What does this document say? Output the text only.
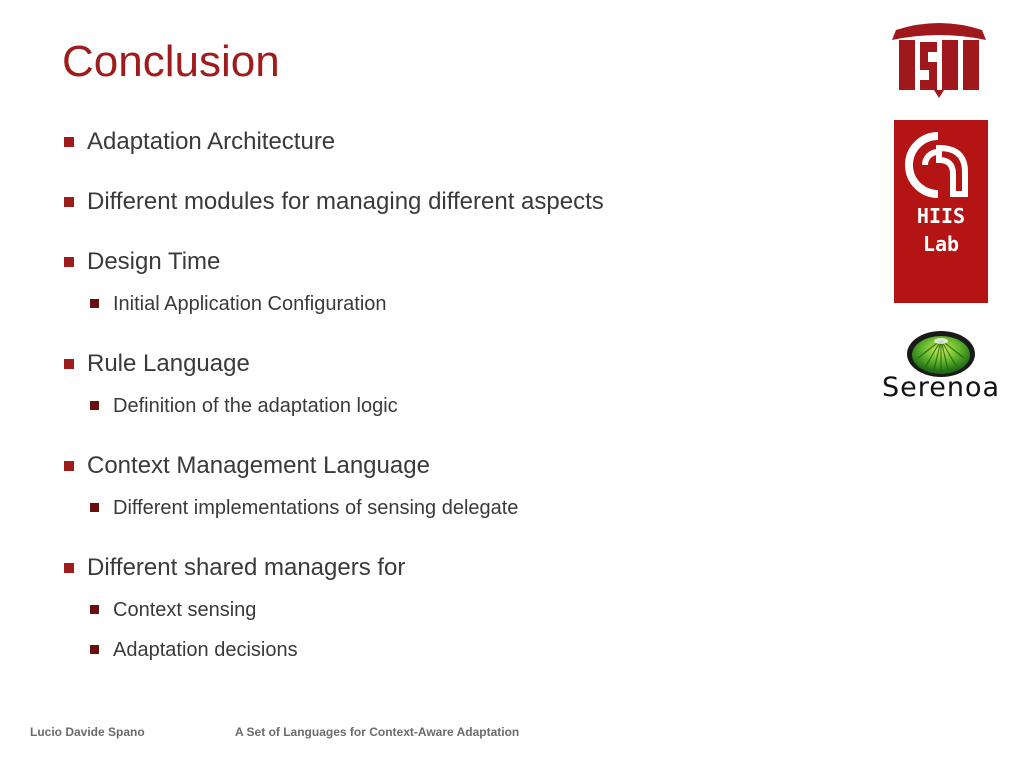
Conclusion
Adaptation Architecture
Different modules for managing different aspects
Design Time
Initial Application Configuration
Rule Language
Definition of the adaptation logic
Context Management Language
Different implementations of sensing delegate
Different shared managers for
Context sensing
Adaptation decisions
HIIS
Lab
Serenoa
Lucio Davide Spano	A Set of Languages for Context-Aware Adaptation
